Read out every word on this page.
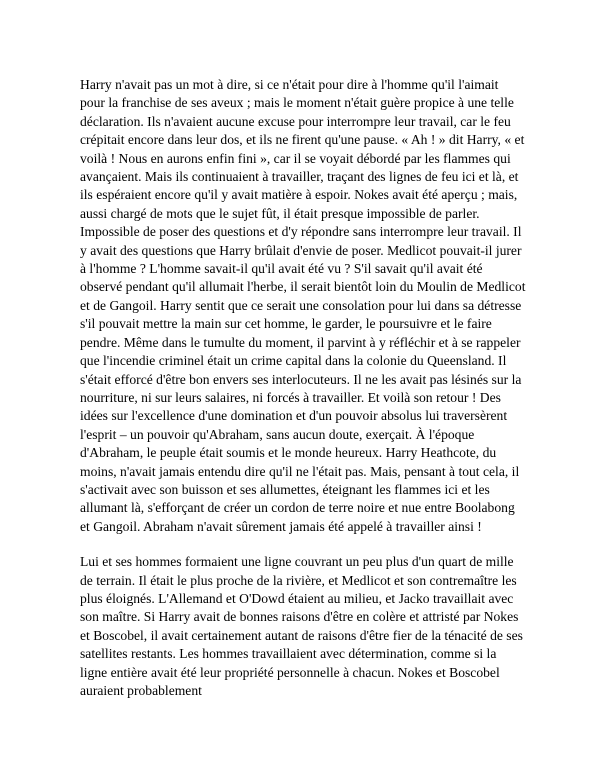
Harry n'avait pas un mot à dire, si ce n'était pour dire à l'homme qu'il l'aimait pour la franchise de ses aveux ; mais le moment n'était guère propice à une telle déclaration. Ils n'avaient aucune excuse pour interrompre leur travail, car le feu crépitait encore dans leur dos, et ils ne firent qu'une pause. « Ah ! » dit Harry, « et voilà ! Nous en aurons enfin fini », car il se voyait débordé par les flammes qui avançaient. Mais ils continuaient à travailler, traçant des lignes de feu ici et là, et ils espéraient encore qu'il y avait matière à espoir. Nokes avait été aperçu ; mais, aussi chargé de mots que le sujet fût, il était presque impossible de parler. Impossible de poser des questions et d'y répondre sans interrompre leur travail. Il y avait des questions que Harry brûlait d'envie de poser. Medlicot pouvait-il jurer à l'homme ? L'homme savait-il qu'il avait été vu ? S'il savait qu'il avait été observé pendant qu'il allumait l'herbe, il serait bientôt loin du Moulin de Medlicot et de Gangoil. Harry sentit que ce serait une consolation pour lui dans sa détresse s'il pouvait mettre la main sur cet homme, le garder, le poursuivre et le faire pendre. Même dans le tumulte du moment, il parvint à y réfléchir et à se rappeler que l'incendie criminel était un crime capital dans la colonie du Queensland. Il s'était efforcé d'être bon envers ses interlocuteurs. Il ne les avait pas lésinés sur la nourriture, ni sur leurs salaires, ni forcés à travailler. Et voilà son retour ! Des idées sur l'excellence d'une domination et d'un pouvoir absolus lui traversèrent l'esprit – un pouvoir qu'Abraham, sans aucun doute, exerçait. À l'époque d'Abraham, le peuple était soumis et le monde heureux. Harry Heathcote, du moins, n'avait jamais entendu dire qu'il ne l'était pas. Mais, pensant à tout cela, il s'activait avec son buisson et ses allumettes, éteignant les flammes ici et les allumant là, s'efforçant de créer un cordon de terre noire et nue entre Boolabong et Gangoil. Abraham n'avait sûrement jamais été appelé à travailler ainsi !

Lui et ses hommes formaient une ligne couvrant un peu plus d'un quart de mille de terrain. Il était le plus proche de la rivière, et Medlicot et son contremaître les plus éloignés. L'Allemand et O'Dowd étaient au milieu, et Jacko travaillait avec son maître. Si Harry avait de bonnes raisons d'être en colère et attristé par Nokes et Boscobel, il avait certainement autant de raisons d'être fier de la ténacité de ses satellites restants. Les hommes travaillaient avec détermination, comme si la ligne entière avait été leur propriété personnelle à chacun. Nokes et Boscobel auraient probablement
